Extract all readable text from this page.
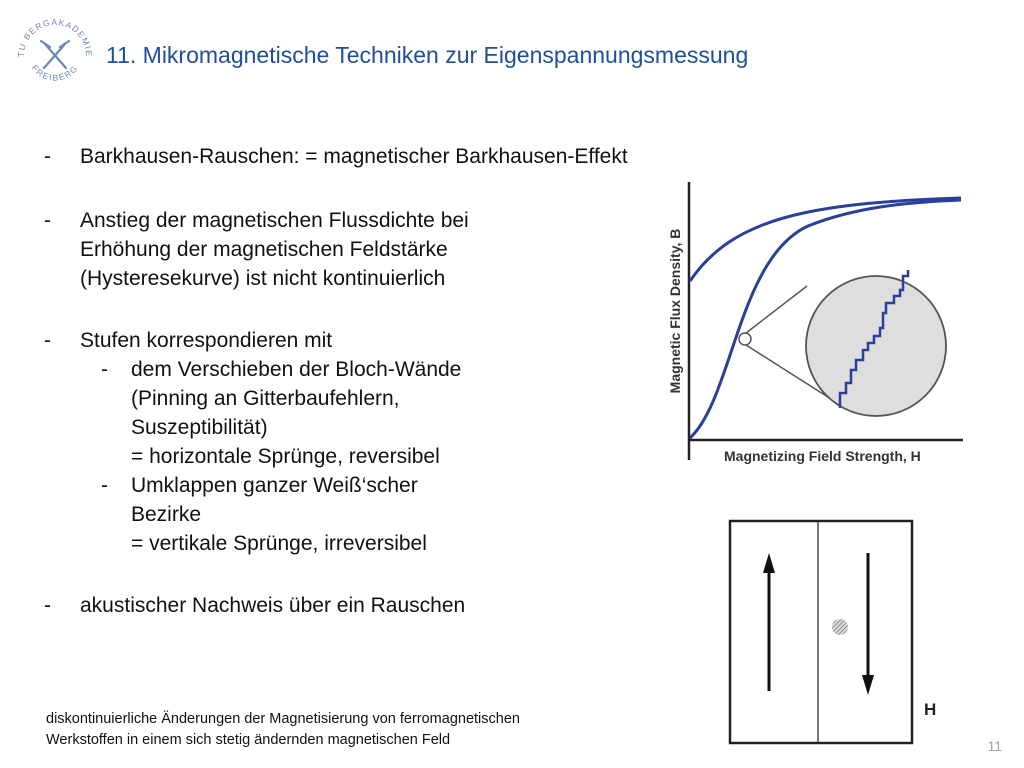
TU BERGAKADEMIE
FREIBERG
11. Mikromagnetische Techniken zur Eigenspannungsmessung
-	Barkhausen-Rauschen: = magnetischer Barkhausen-Effekt
-	Anstieg der magnetischen Flussdichte bei
Erhöhung der magnetischen Feldstärke
(Hysteresekurve) ist nicht kontinuierlich
-	Stufen korrespondieren mit
-	dem Verschieben der Bloch-Wände
(Pinning an Gitterbaufehlern,
Suszeptibilität)
= horizontale Sprünge, reversibel
-	Umklappen ganzer Weiß‘scher
Bezirke
= vertikale Sprünge, irreversibel
-	akustischer Nachweis über ein Rauschen
diskontinuierliche Änderungen der Magnetisierung von ferromagnetischen
Werkstoffen in einem sich stetig ändernden magnetischen Feld
Magnetic Flux Density, B
Magnetizing Field Strength, H
H
11
